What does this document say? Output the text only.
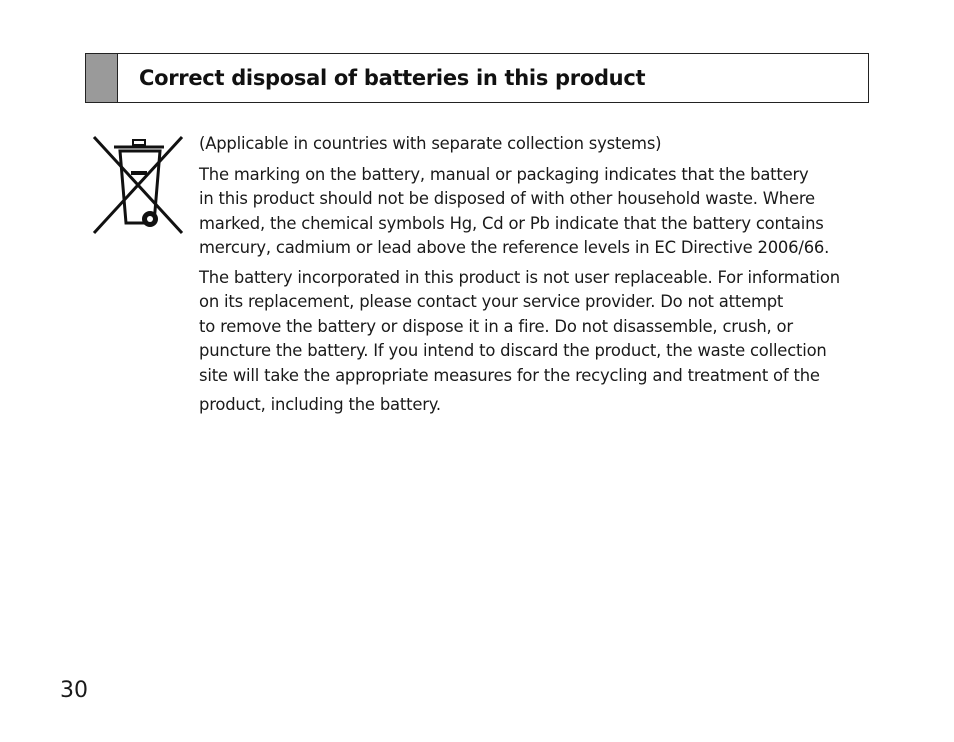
Correct disposal of batteries in this product

(Applicable in countries with separate collection systems)

The marking on the battery, manual or packaging indicates that the battery
in this product should not be disposed of with other household waste. Where
marked, the chemical symbols Hg, Cd or Pb indicate that the battery contains
mercury, cadmium or lead above the reference levels in EC Directive 2006/66.

The battery incorporated in this product is not user replaceable. For information
on its replacement, please contact your service provider. Do not attempt
to remove the battery or dispose it in a fire. Do not disassemble, crush, or
puncture the battery. If you intend to discard the product, the waste collection
site will take the appropriate measures for the recycling and treatment of the
product, including the battery.

30
